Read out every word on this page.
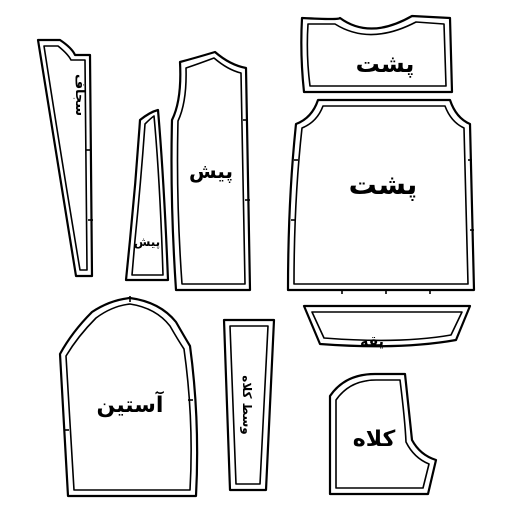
سجاف
پیش
پیش
پشت
پشت
آستین	وسط کلاه
یقه
کلاه
